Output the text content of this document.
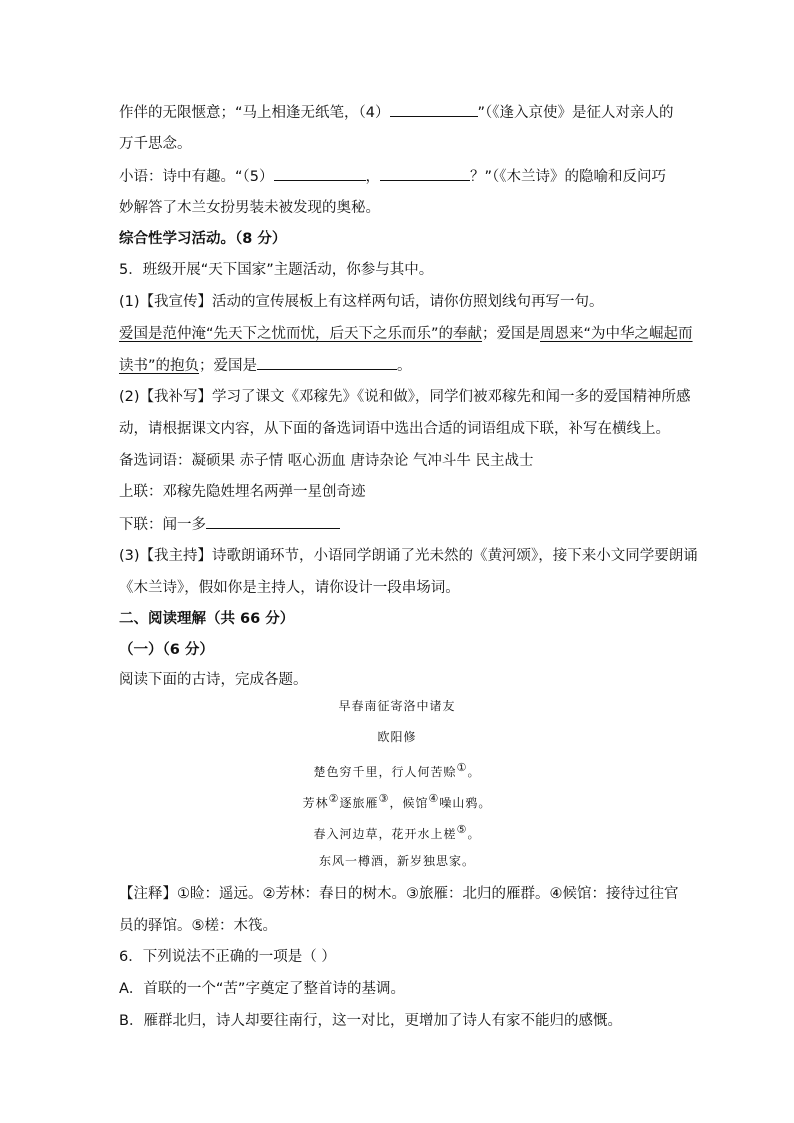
作伴的无限惬意；“马上相逢无纸笔，（4）	”（《逢入京使》是征人对亲人的
万千思念。
小语：诗中有趣。“（5）	，	？”（《木兰诗》的隐喻和反问巧
妙解答了木兰女扮男装未被发现的奥秘。
综合性学习活动。（8 分）
5．班级开展“天下国家”主题活动，你参与其中。
(1)【我宣传】活动的宣传展板上有这样两句话，请你仿照划线句再写一句。
爱国是范仲淹“先天下之忧而忧，后天下之乐而乐”的奉献；爱国是周恩来“为中华之崛起而
读书”的抱负；爱国是	。
(2)【我补写】学习了课文《邓稼先》《说和做》，同学们被邓稼先和闻一多的爱国精神所感
动，请根据课文内容，从下面的备选词语中选出合适的词语组成下联，补写在横线上。
备选词语：凝硕果 赤子情 呕心沥血 唐诗杂论 气冲斗牛 民主战士
上联：邓稼先隐姓埋名两弹一星创奇迹
下联：闻一多
(3)【我主持】诗歌朗诵环节，小语同学朗诵了光未然的《黄河颂》，接下来小文同学要朗诵
《木兰诗》，假如你是主持人，请你设计一段串场词。
二、阅读理解（共 66 分）
（一）（6 分）
阅读下面的古诗，完成各题。
早春南征寄洛中诸友
欧阳修
楚色穷千里，行人何苦赊①。
芳林②逐旅雁③，候馆④噪山鸦。
春入河边草，花开水上槎⑤。
东风一樽酒，新岁独思家。
【注释】①睑：遥远。②芳林：春日的树木。③旅雁：北归的雁群。④候馆：接待过往官
员的驿馆。⑤槎：木筏。
6．下列说法不正确的一项是（ ）
A．首联的一个“苦”字奠定了整首诗的基调。
B．雁群北归，诗人却要往南行，这一对比，更增加了诗人有家不能归的感慨。
